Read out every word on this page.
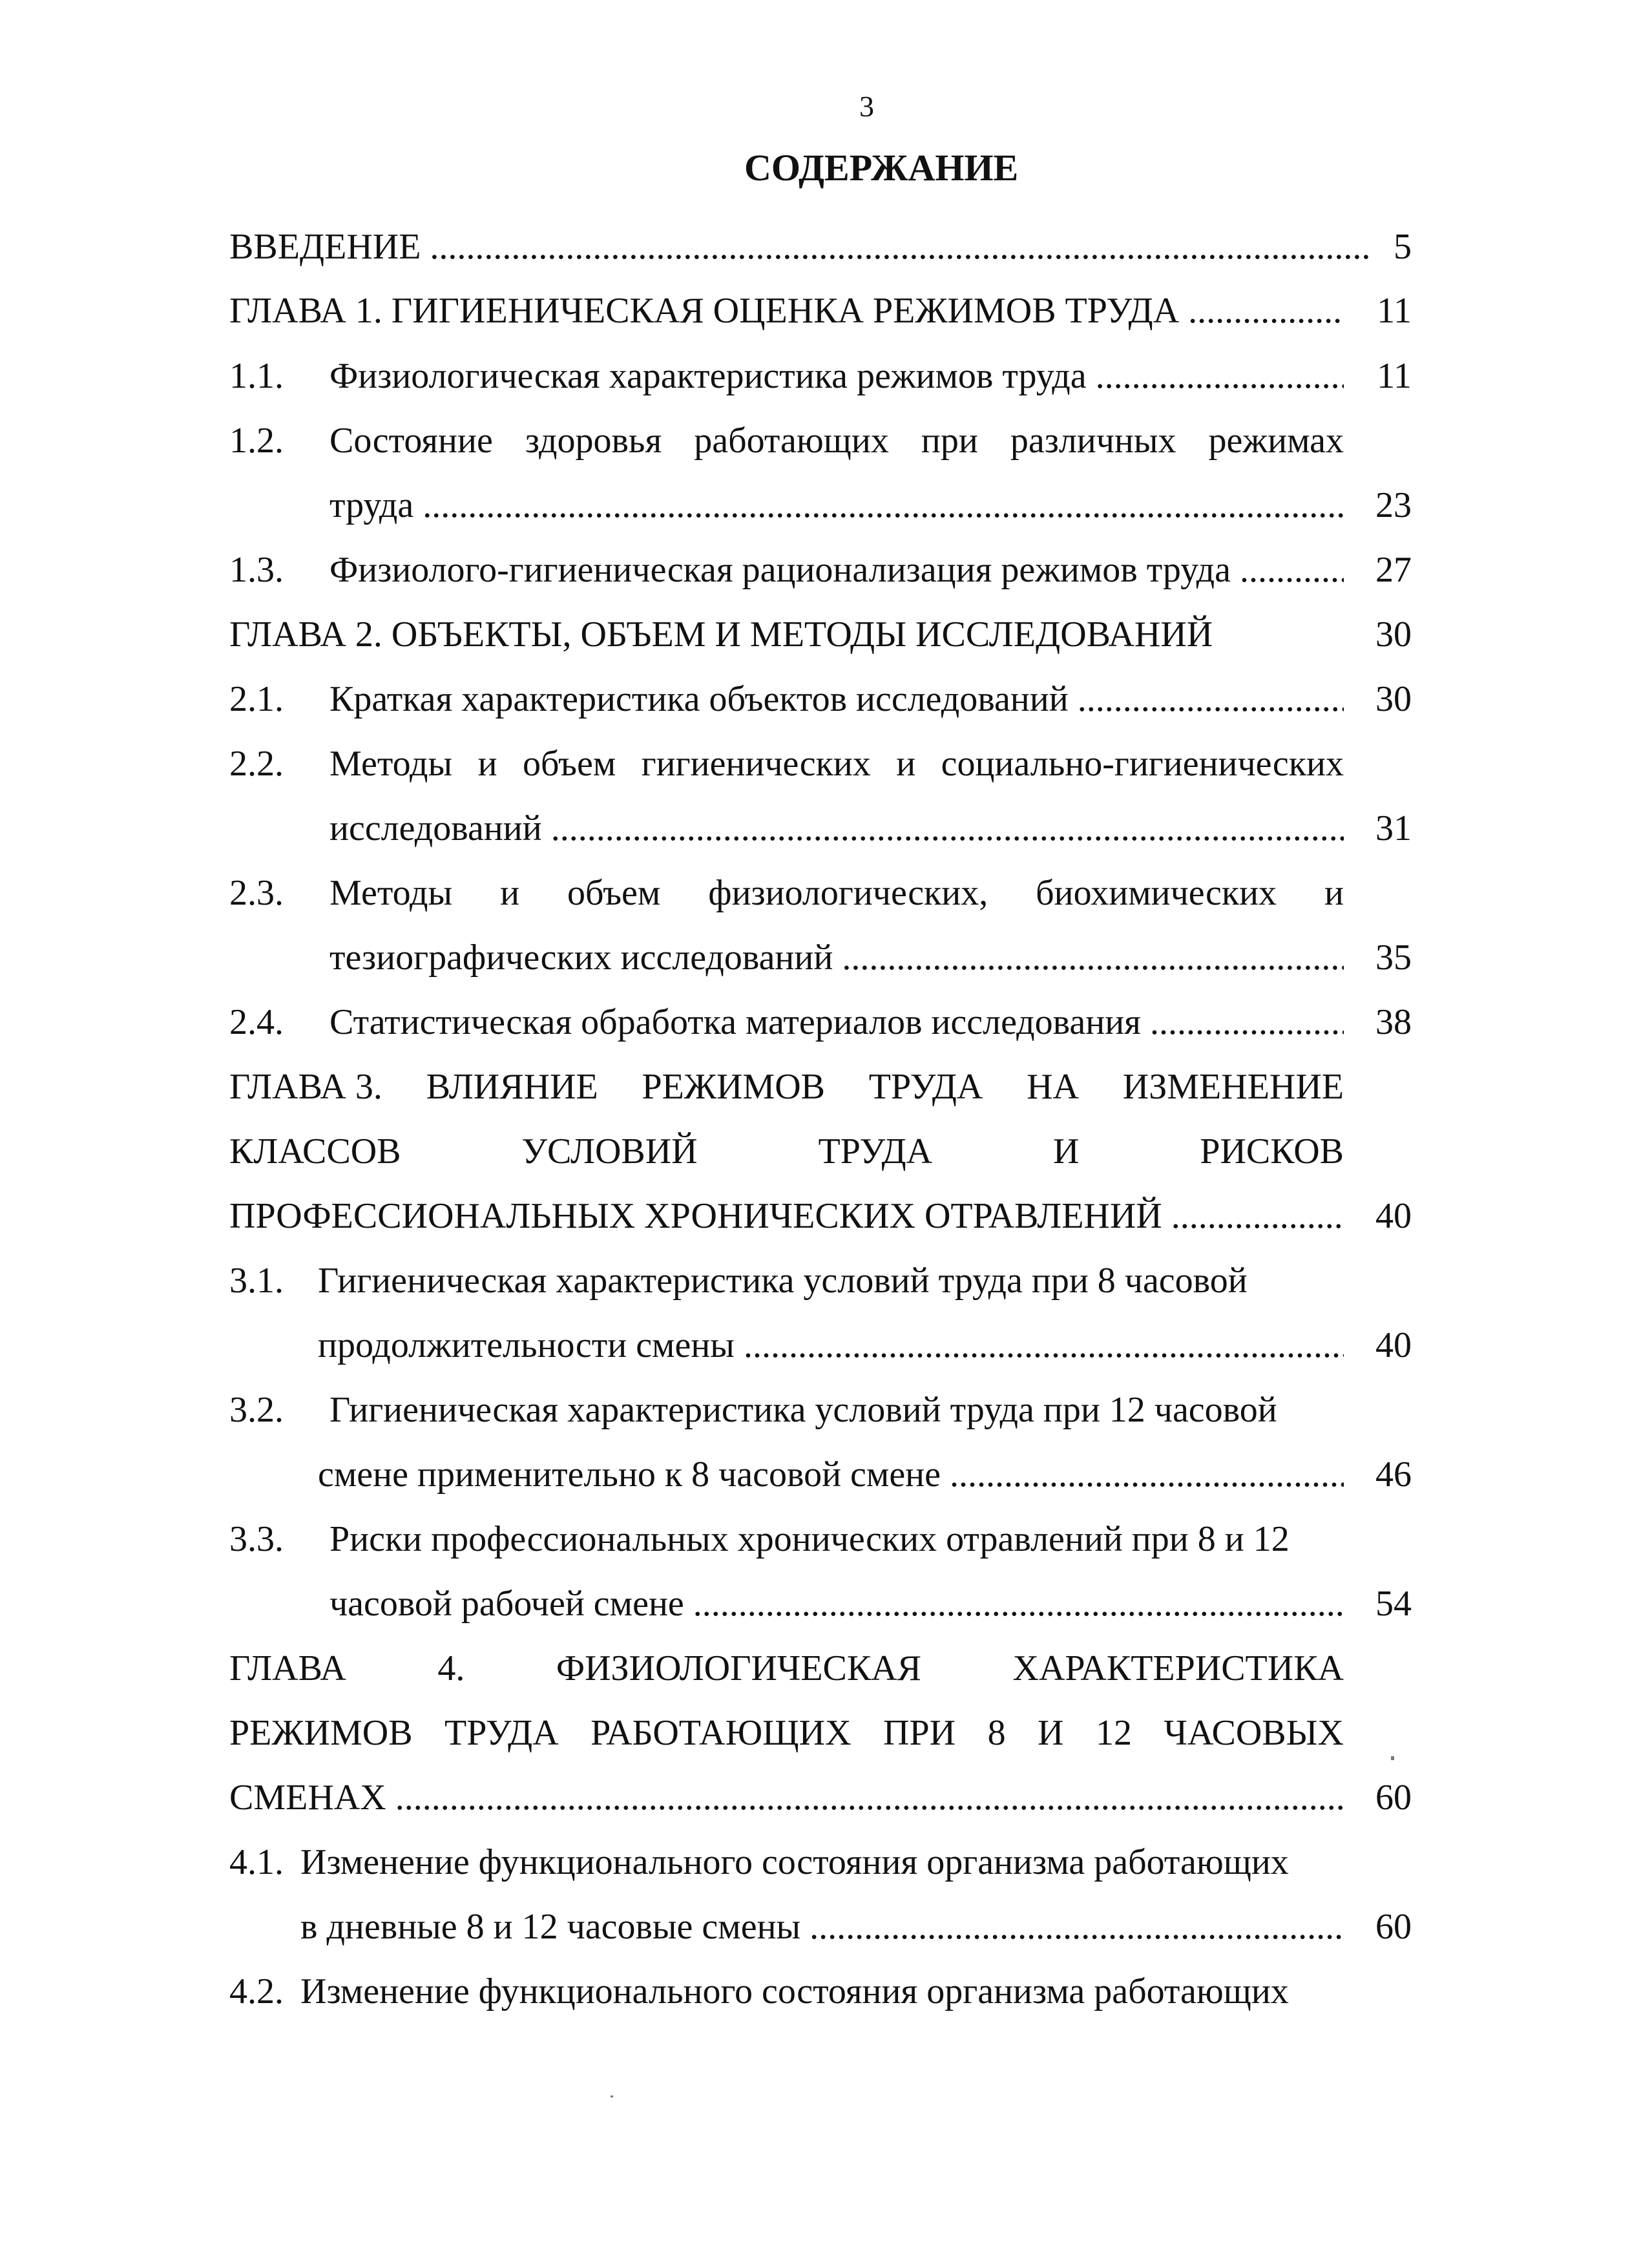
3
СОДЕРЖАНИЕ
ВВЕДЕНИЕ .....	5
ГЛАВА 1. ГИГИЕНИЧЕСКАЯ ОЦЕНКА РЕЖИМОВ ТРУДА .....	11
1.1. Физиологическая характеристика режимов труда .....	11
1.2. Состояние здоровья работающих при различных режимах
труда .....	23
1.3. Физиолого-гигиеническая рационализация режимов труда .....	27
ГЛАВА 2. ОБЪЕКТЫ, ОБЪЕМ И МЕТОДЫ ИССЛЕДОВАНИЙ	30
2.1. Краткая характеристика объектов исследований .....	30
2.2. Методы и объем гигиенических и социально-гигиенических
исследований .....	31
2.3. Методы и объем физиологических, биохимических и
тезиографических исследований .....	35
2.4. Статистическая обработка материалов исследования .....	38
ГЛАВА 3. ВЛИЯНИЕ РЕЖИМОВ ТРУДА НА ИЗМЕНЕНИЕ
КЛАССОВ	УСЛОВИЙ	ТРУДА	И	РИСКОВ
ПРОФЕССИОНАЛЬНЫХ ХРОНИЧЕСКИХ ОТРАВЛЕНИЙ .....	40
3.1. Гигиеническая характеристика условий труда при 8 часовой
продолжительности смены .....	40
3.2. Гигиеническая характеристика условий труда при 12 часовой
смене применительно к 8 часовой смене .....	46
3.3. Риски профессиональных хронических отравлений при 8 и 12
часовой рабочей смене .....	54
ГЛАВА	4.	ФИЗИОЛОГИЧЕСКАЯ	ХАРАКТЕРИСТИКА
РЕЖИМОВ ТРУДА РАБОТАЮЩИХ ПРИ 8 И 12 ЧАСОВЫХ
СМЕНАХ .....	60
4.1. Изменение функционального состояния организма работающих
в дневные 8 и 12 часовые смены .....	60
4.2. Изменение функционального состояния организма работающих
